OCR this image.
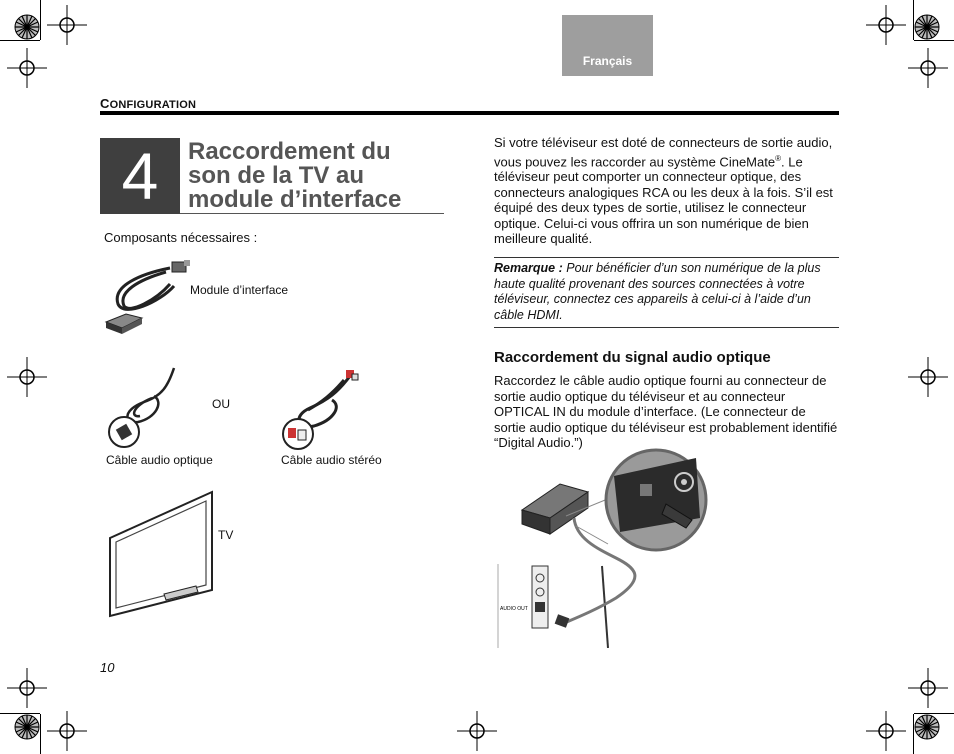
Français
CONFIGURATION
4	Raccordement du
son de la TV au
module d’interface
Composants nécessaires :
Module d’interface
OU
Câble audio optique	Câble audio stéréo
TV
Si votre téléviseur est doté de connecteurs de sortie audio, vous pouvez les raccorder au système CineMate®. Le téléviseur peut comporter un connecteur optique, des connecteurs analogiques RCA ou les deux à la fois. S’il est équipé des deux types de sortie, utilisez le connecteur optique. Celui-ci vous offrira un son numérique de bien meilleure qualité.
Remarque : Pour bénéficier d’un son numérique de la plus haute qualité provenant des sources connectées à votre téléviseur, connectez ces appareils à celui-ci à l’aide d’un câble HDMI.
Raccordement du signal audio optique
Raccordez le câble audio optique fourni au connecteur de sortie audio optique du téléviseur et au connecteur OPTICAL IN du module d’interface. (Le connecteur de sortie audio optique du téléviseur est probablement identifié “Digital Audio.”)
AUDIO OUT
10
